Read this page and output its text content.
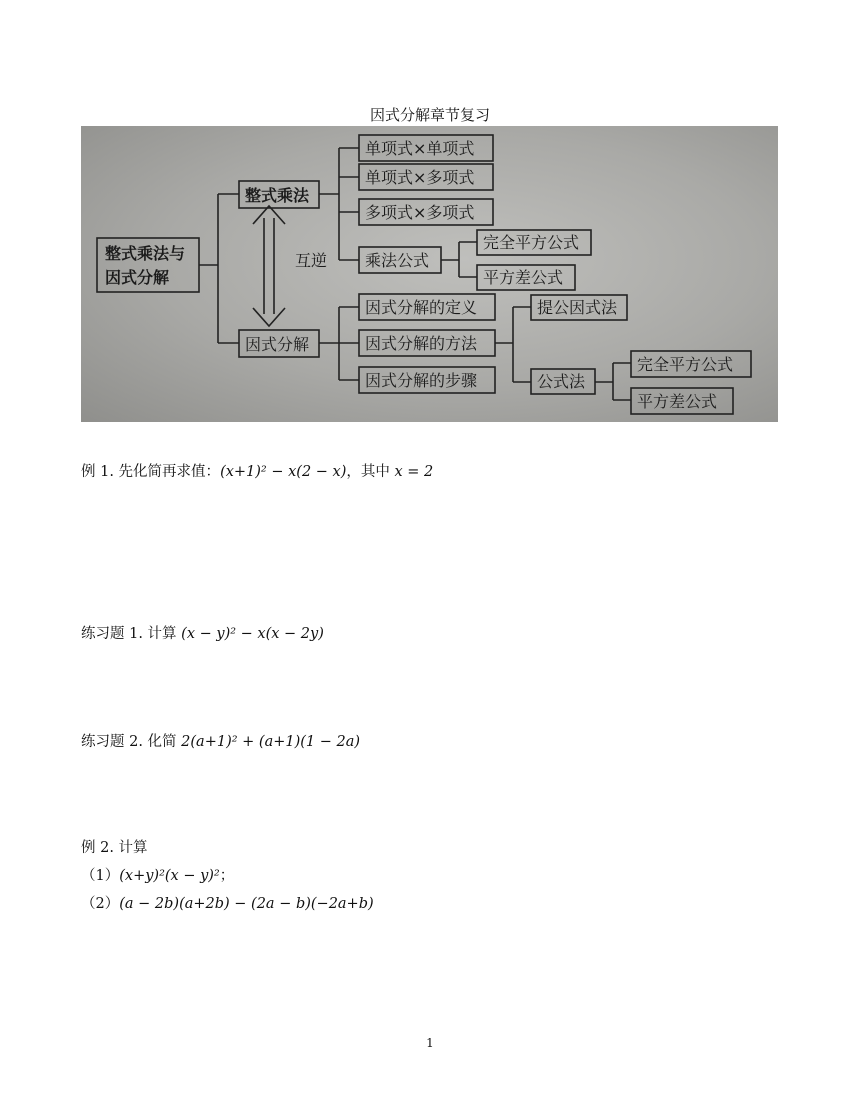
因式分解章节复习
整式乘法与
因式分解
整式乘法
因式分解
互逆
单项式×单项式
单项式×多项式
多项式×多项式
乘法公式
完全平方公式
平方差公式
因式分解的定义
因式分解的方法
因式分解的步骤
提公因式法
公式法
完全平方公式
平方差公式
例 1. 先化简再求值：(x+1)² − x(2 − x)，其中 x = 2
练习题 1. 计算 (x − y)² − x(x − 2y)
练习题 2. 化简 2(a+1)² + (a+1)(1 − 2a)
例 2. 计算
（1）(x+y)²(x − y)²；
（2）(a − 2b)(a+2b) − (2a − b)(−2a+b)
1
